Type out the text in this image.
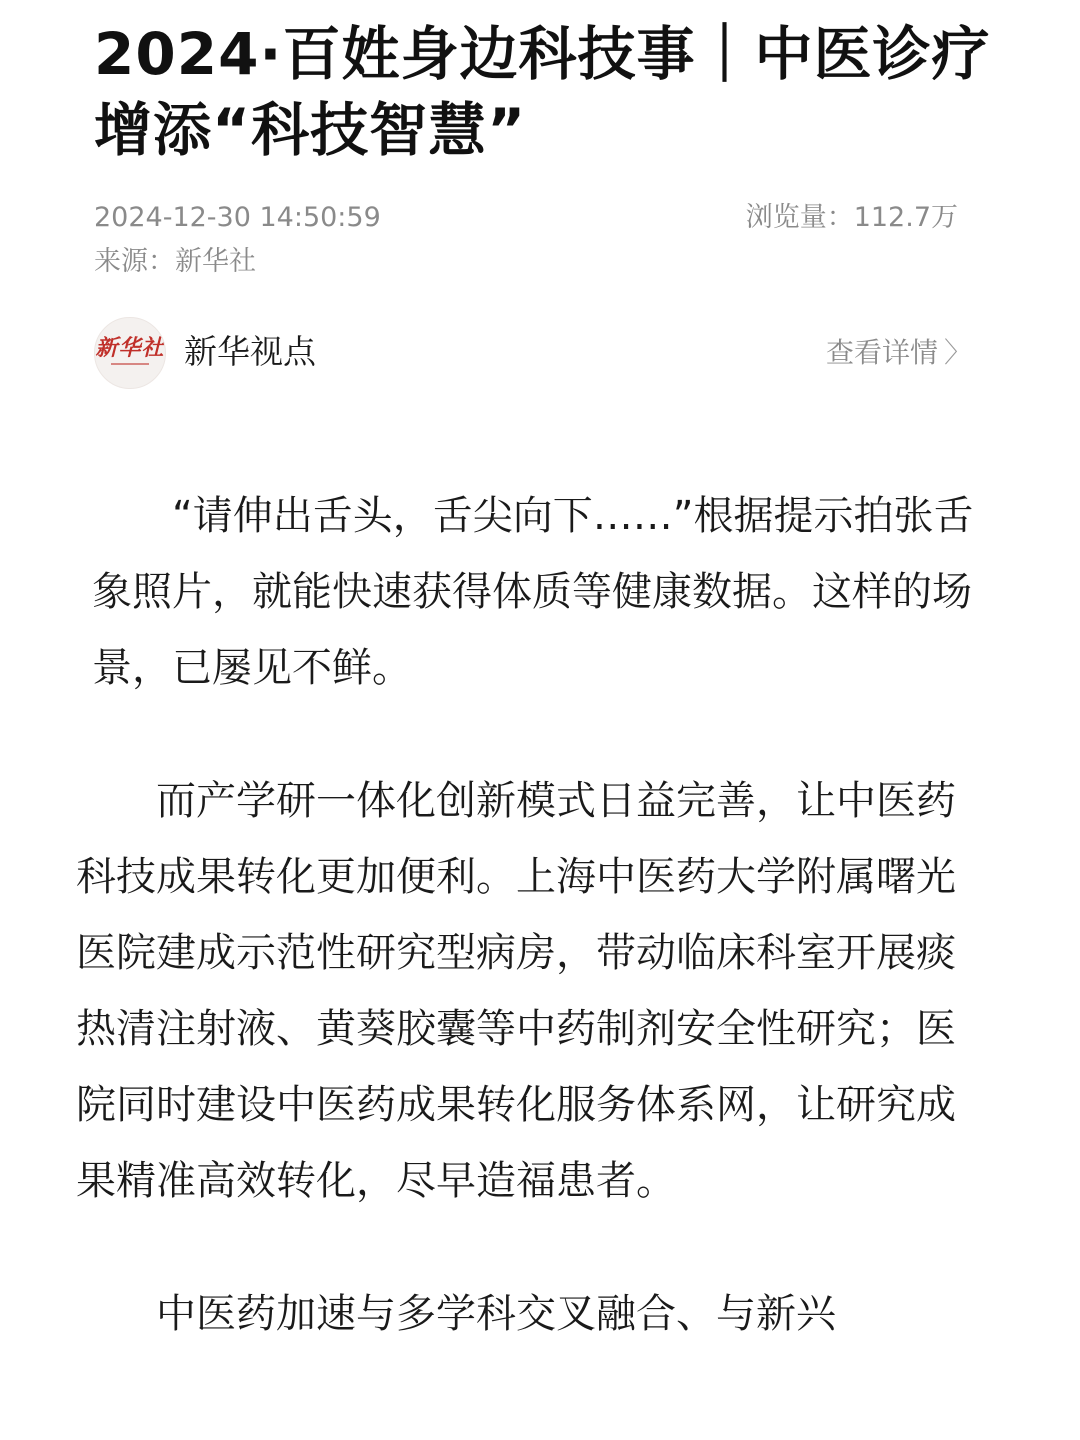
2024·百姓身边科技事｜中医诊疗增添“科技智慧”
2024-12-30 14:50:59
来源：新华社
浏览量：112.7万
新华社 新华视点	查看详情 〉

“请伸出舌头，舌尖向下……”根据提示拍张舌象照片，就能快速获得体质等健康数据。这样的场景，已屡见不鲜。

而产学研一体化创新模式日益完善，让中医药科技成果转化更加便利。上海中医药大学附属曙光医院建成示范性研究型病房，带动临床科室开展痰热清注射液、黄葵胶囊等中药制剂安全性研究；医院同时建设中医药成果转化服务体系网，让研究成果精准高效转化，尽早造福患者。

中医药加速与多学科交叉融合、与新兴
